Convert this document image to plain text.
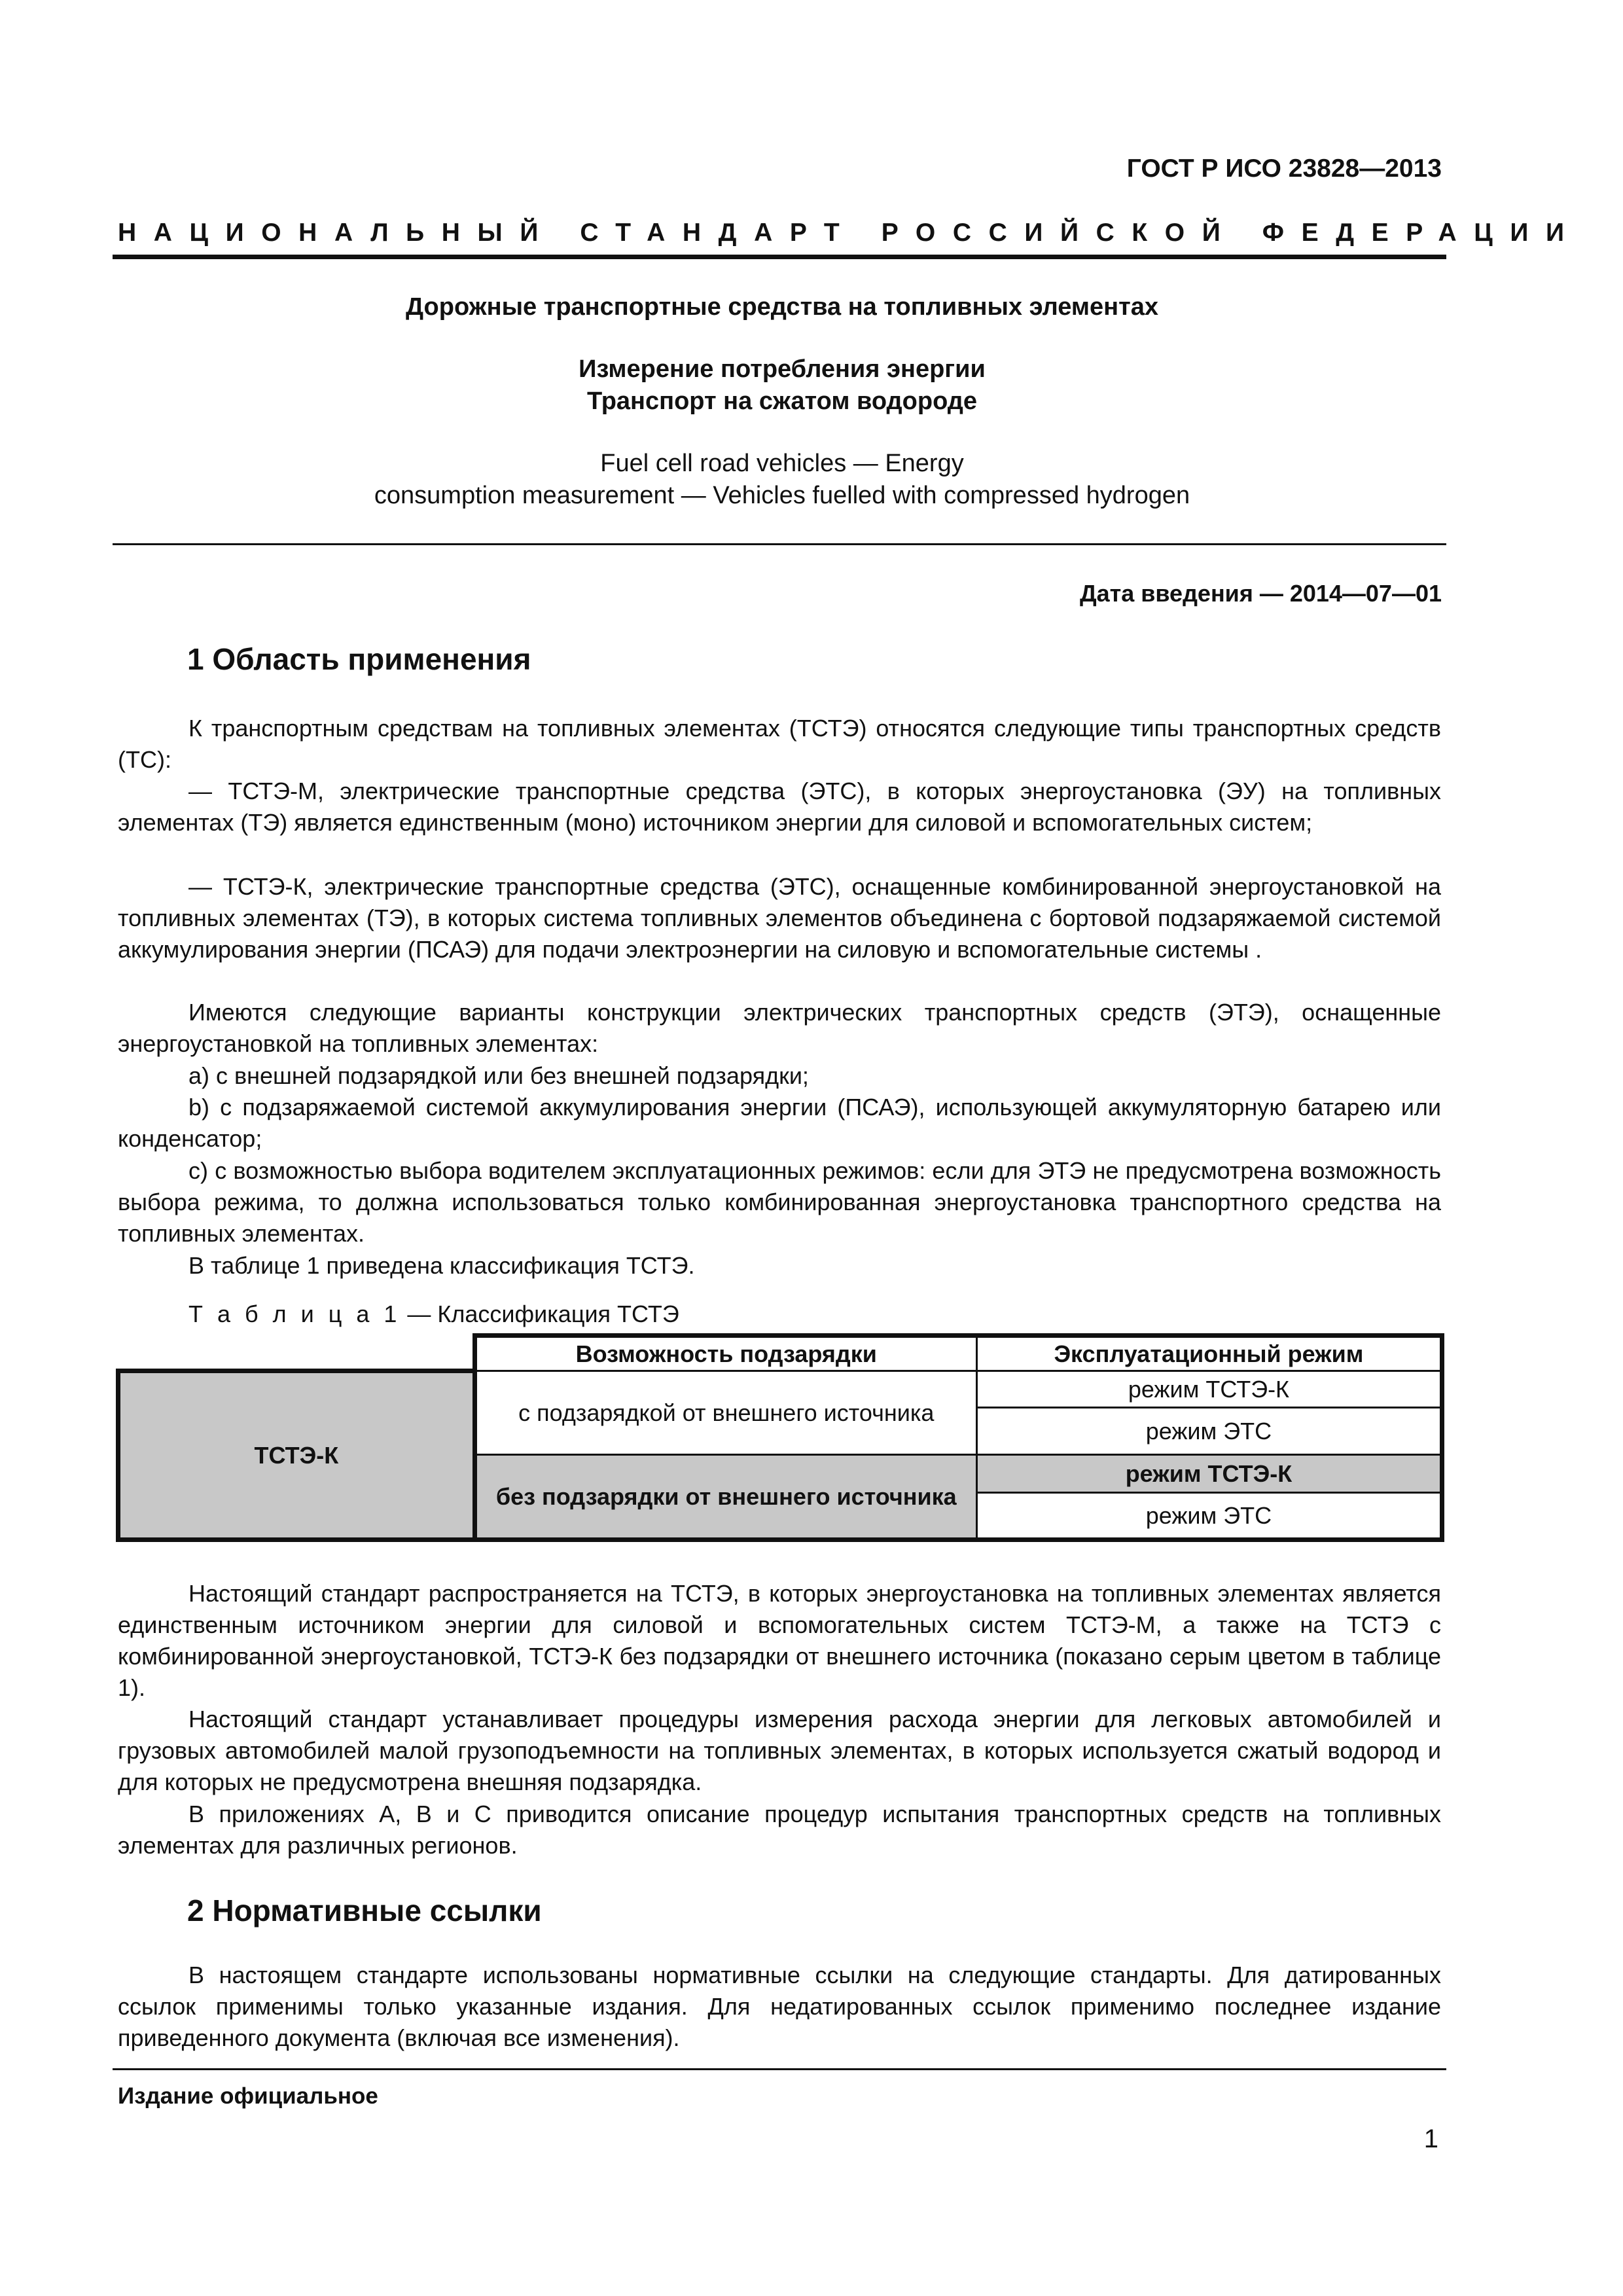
ГОСТ Р ИСО 23828—2013
НАЦИОНАЛЬНЫЙ СТАНДАРТ РОССИЙСКОЙ ФЕДЕРАЦИИ
Дорожные транспортные средства на топливных элементах
Измерение потребления энергии
Транспорт на сжатом водороде
Fuel cell road vehicles — Energy
consumption measurement — Vehicles fuelled with compressed hydrogen
Дата введения — 2014—07—01
1 Область применения

К транспортным средствам на топливных элементах (ТСТЭ) относятся следующие типы транспортных средств (ТС):

— ТСТЭ-М, электрические транспортные средства (ЭТС), в которых энергоустановка (ЭУ) на топливных элементах (ТЭ) является единственным (моно) источником энергии для силовой и вспомогательных систем;

— ТСТЭ-К, электрические транспортные средства (ЭТС), оснащенные комбинированной энергоустановкой на топливных элементах (ТЭ), в которых система топливных элементов объединена с бортовой подзаряжаемой системой аккумулирования энергии (ПСАЭ) для подачи электроэнергии на силовую и вспомогательные системы .

Имеются следующие варианты конструкции электрических транспортных средств (ЭТЭ), оснащенные энергоустановкой на топливных элементах:

a) с внешней подзарядкой или без внешней подзарядки;

b) с подзаряжаемой системой аккумулирования энергии (ПСАЭ), использующей аккумуляторную батарею или конденсатор;

c) с возможностью выбора водителем эксплуатационных режимов: если для ЭТЭ не предусмотрена возможность выбора режима, то должна использоваться только комбинированная энергоустановка транспортного средства на топливных элементах.

В таблице 1 приведена классификация ТСТЭ.

Т а б л и ц а 1 — Классификация ТСТЭ
	Возможность подзарядки	Эксплуатационный режим
ТСТЭ-К	с подзарядкой от внешнего источника	режим ТСТЭ-К
		режим ЭТС
	без подзарядки от внешнего источника	режим ТСТЭ-К
		режим ЭТС

Настоящий стандарт распространяется на ТСТЭ, в которых энергоустановка на топливных элементах является единственным источником энергии для силовой и вспомогательных систем ТСТЭ-М, а также на ТСТЭ с комбинированной энергоустановкой, ТСТЭ-К без подзарядки от внешнего источника (показано серым цветом в таблице 1).

Настоящий стандарт устанавливает процедуры измерения расхода энергии для легковых автомобилей и грузовых автомобилей малой грузоподъемности на топливных элементах, в которых используется сжатый водород и для которых не предусмотрена внешняя подзарядка.

В приложениях А, В и С приводится описание процедур испытания транспортных средств на топливных элементах для различных регионов.

2 Нормативные ссылки

В настоящем стандарте использованы нормативные ссылки на следующие стандарты. Для датированных ссылок применимы только указанные издания. Для недатированных ссылок применимо последнее издание приведенного документа (включая все изменения).

Издание официальное
1
